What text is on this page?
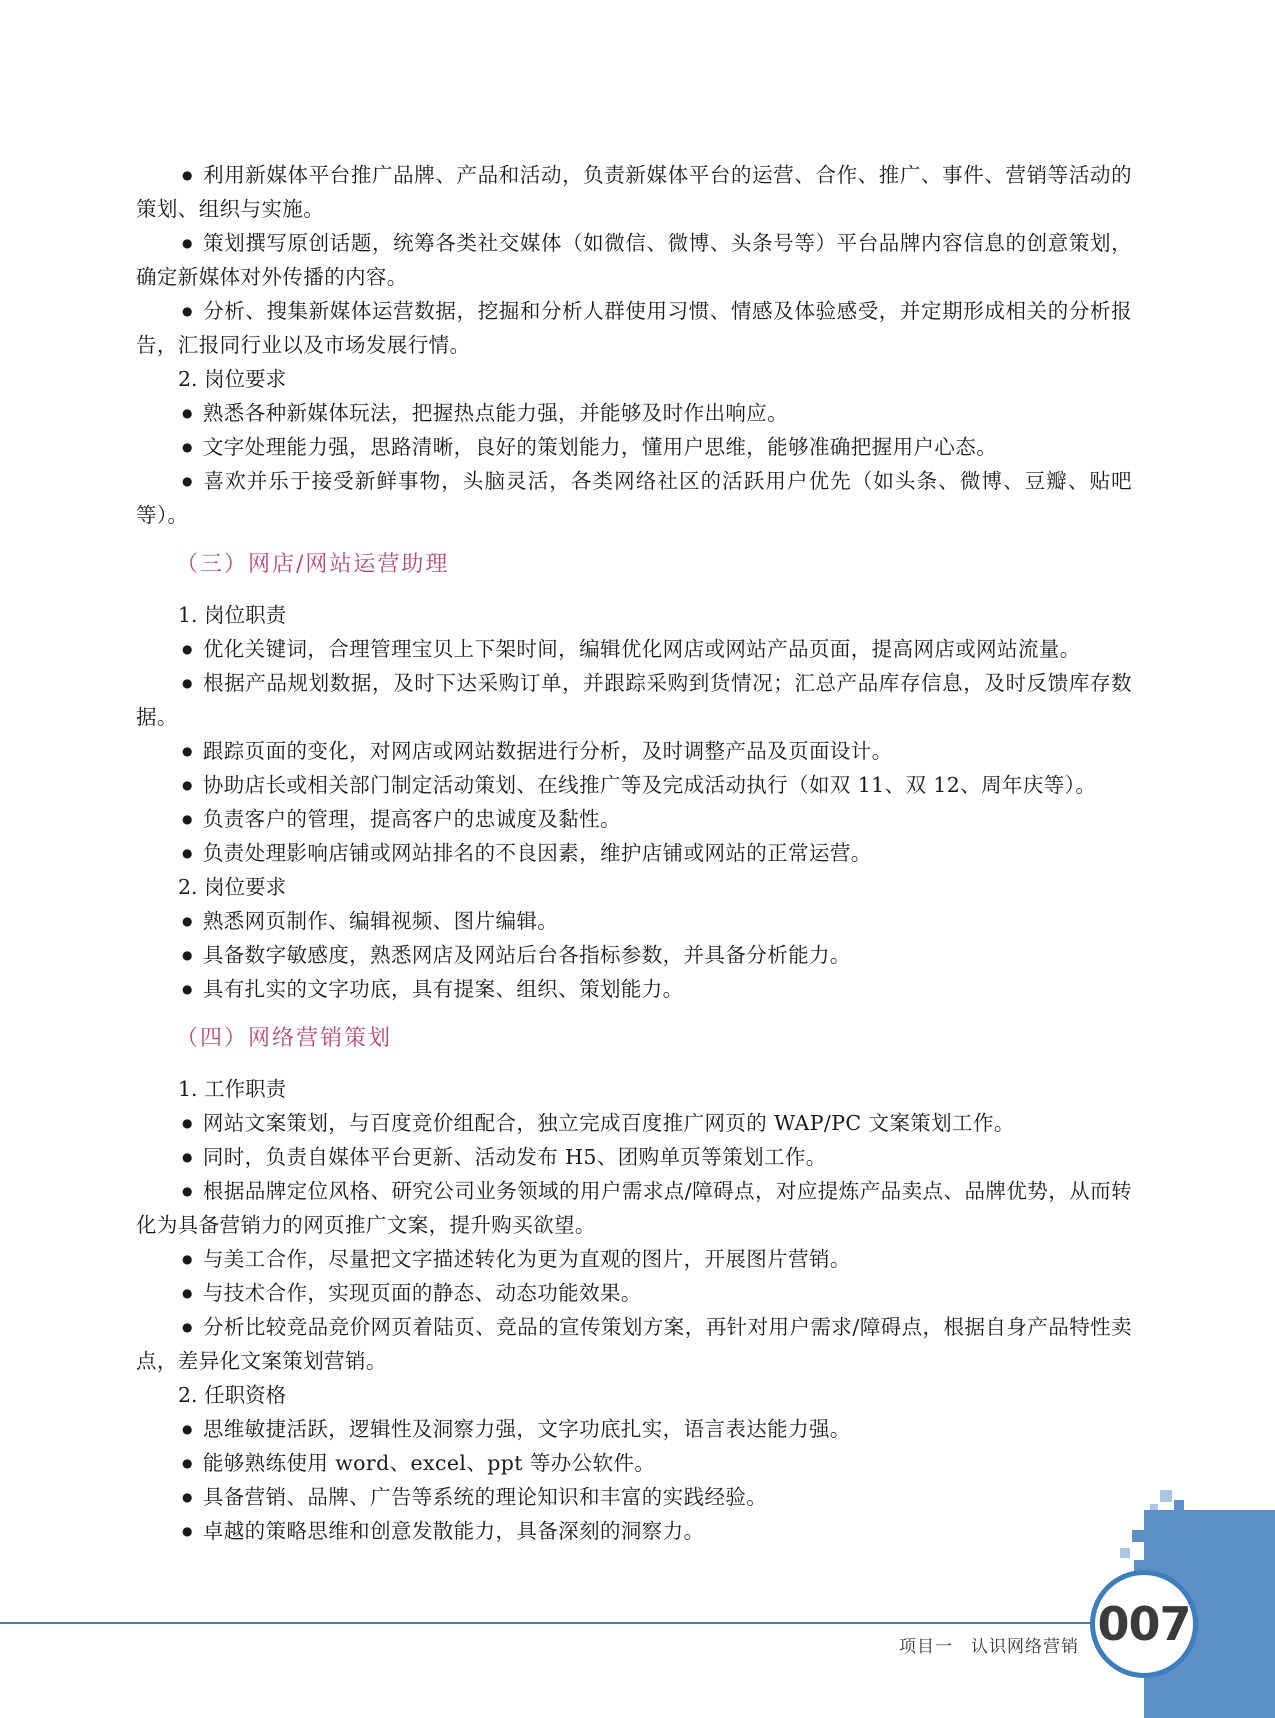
● 利用新媒体平台推广品牌、产品和活动，负责新媒体平台的运营、合作、推广、事件、营销等活动的策划、组织与实施。

● 策划撰写原创话题，统筹各类社交媒体（如微信、微博、头条号等）平台品牌内容信息的创意策划，确定新媒体对外传播的内容。

● 分析、搜集新媒体运营数据，挖掘和分析人群使用习惯、情感及体验感受，并定期形成相关的分析报告，汇报同行业以及市场发展行情。

2. 岗位要求

● 熟悉各种新媒体玩法，把握热点能力强，并能够及时作出响应。

● 文字处理能力强，思路清晰，良好的策划能力，懂用户思维，能够准确把握用户心态。

● 喜欢并乐于接受新鲜事物，头脑灵活，各类网络社区的活跃用户优先（如头条、微博、豆瓣、贴吧等）。

（三）网店/网站运营助理

1. 岗位职责

● 优化关键词，合理管理宝贝上下架时间，编辑优化网店或网站产品页面，提高网店或网站流量。

● 根据产品规划数据，及时下达采购订单，并跟踪采购到货情况；汇总产品库存信息，及时反馈库存数据。

● 跟踪页面的变化，对网店或网站数据进行分析，及时调整产品及页面设计。

● 协助店长或相关部门制定活动策划、在线推广等及完成活动执行（如双 11、双 12、周年庆等）。

● 负责客户的管理，提高客户的忠诚度及黏性。

● 负责处理影响店铺或网站排名的不良因素，维护店铺或网站的正常运营。

2. 岗位要求

● 熟悉网页制作、编辑视频、图片编辑。

● 具备数字敏感度，熟悉网店及网站后台各指标参数，并具备分析能力。

● 具有扎实的文字功底，具有提案、组织、策划能力。

（四）网络营销策划

1. 工作职责

● 网站文案策划，与百度竞价组配合，独立完成百度推广网页的 WAP/PC 文案策划工作。

● 同时，负责自媒体平台更新、活动发布 H5、团购单页等策划工作。

● 根据品牌定位风格、研究公司业务领域的用户需求点/障碍点，对应提炼产品卖点、品牌优势，从而转化为具备营销力的网页推广文案，提升购买欲望。

● 与美工合作，尽量把文字描述转化为更为直观的图片，开展图片营销。

● 与技术合作，实现页面的静态、动态功能效果。

● 分析比较竞品竞价网页着陆页、竞品的宣传策划方案，再针对用户需求/障碍点，根据自身产品特性卖点，差异化文案策划营销。

2. 任职资格

● 思维敏捷活跃，逻辑性及洞察力强，文字功底扎实，语言表达能力强。

● 能够熟练使用 word、excel、ppt 等办公软件。

● 具备营销、品牌、广告等系统的理论知识和丰富的实践经验。

● 卓越的策略思维和创意发散能力，具备深刻的洞察力。

项目一　认识网络营销 007
